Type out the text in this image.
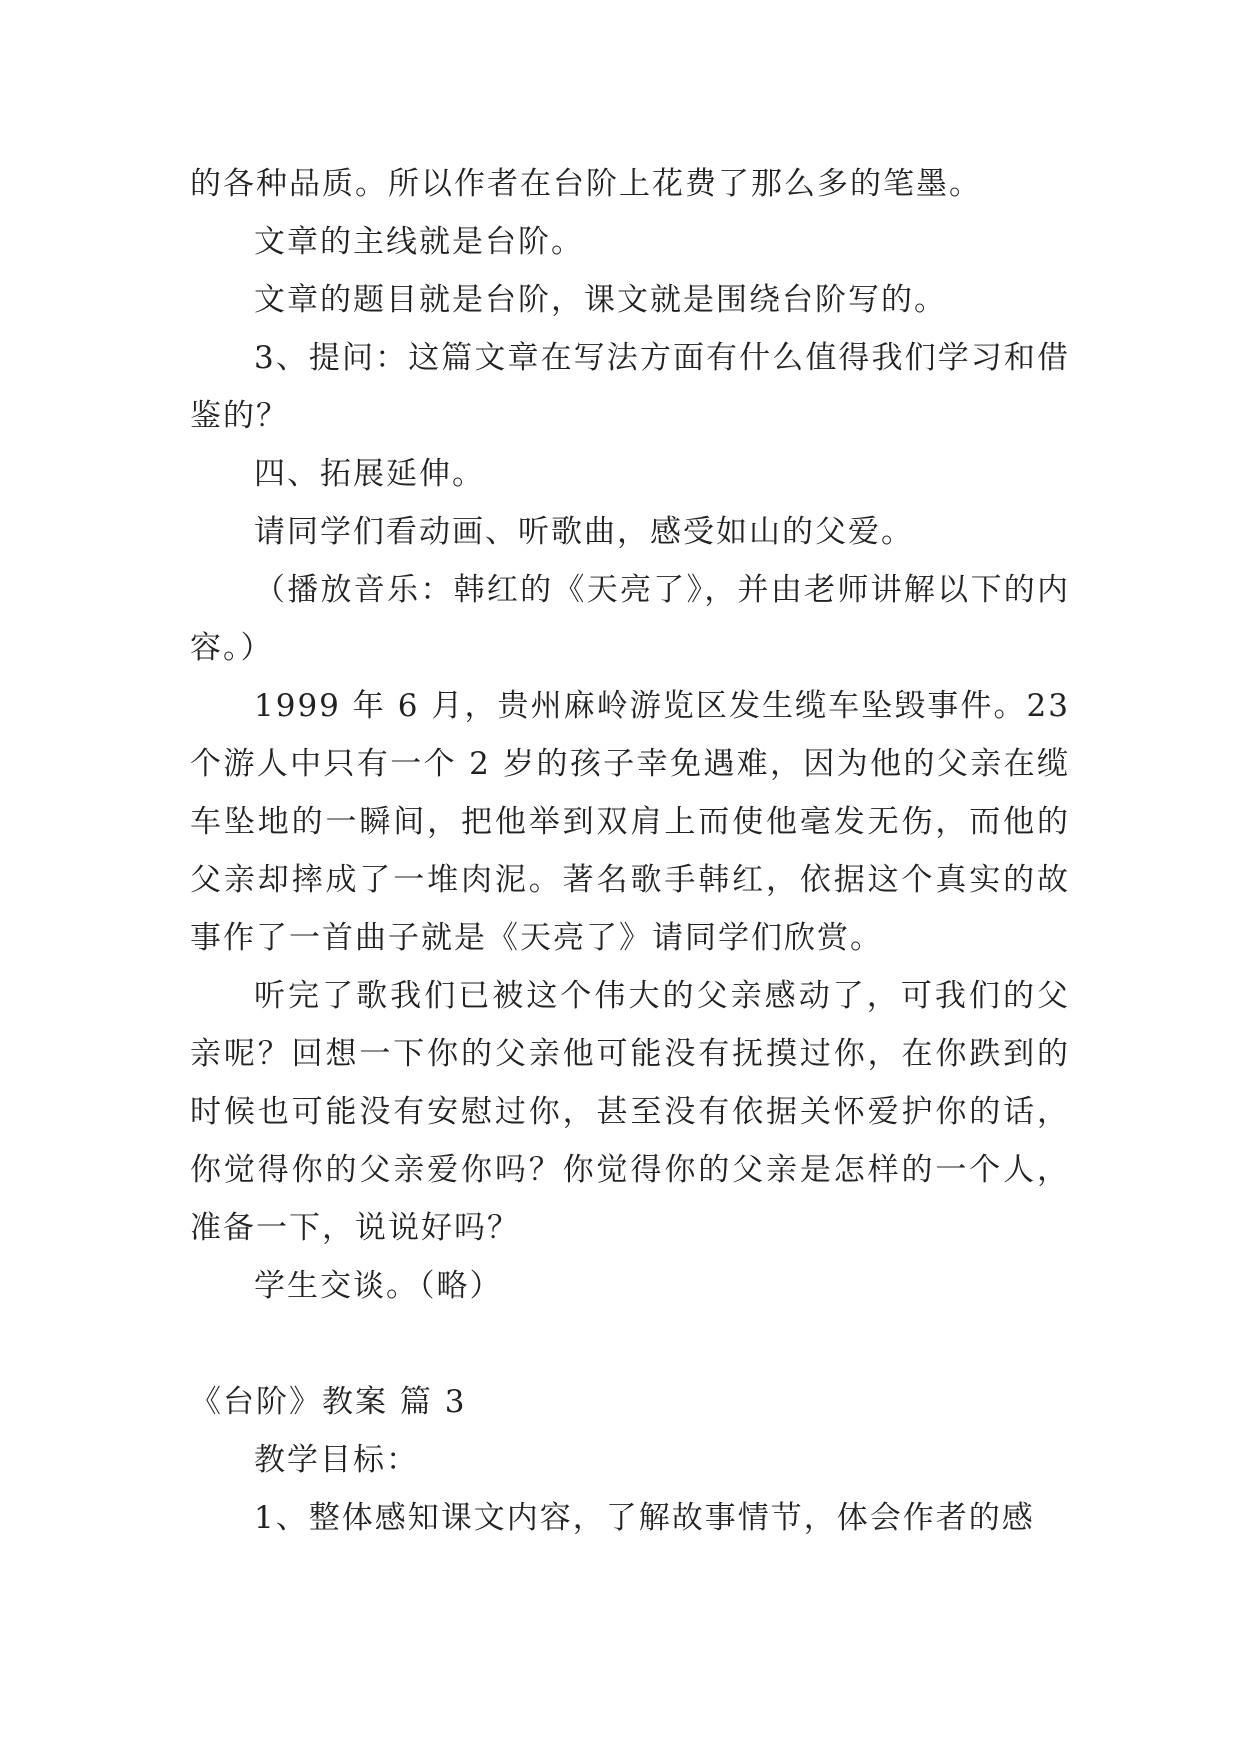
的各种品质。所以作者在台阶上花费了那么多的笔墨。

文章的主线就是台阶。

文章的题目就是台阶，课文就是围绕台阶写的。

3、提问：这篇文章在写法方面有什么值得我们学习和借鉴的？

四、拓展延伸。

请同学们看动画、听歌曲，感受如山的父爱。

（播放音乐：韩红的《天亮了》，并由老师讲解以下的内容。）

1999 年 6 月，贵州麻岭游览区发生缆车坠毁事件。23 个游人中只有一个 2 岁的孩子幸免遇难，因为他的父亲在缆车坠地的一瞬间，把他举到双肩上而使他毫发无伤，而他的父亲却摔成了一堆肉泥。著名歌手韩红，依据这个真实的故事作了一首曲子就是《天亮了》请同学们欣赏。

听完了歌我们已被这个伟大的父亲感动了，可我们的父亲呢？回想一下你的父亲他可能没有抚摸过你，在你跌到的时候也可能没有安慰过你，甚至没有依据关怀爱护你的话，你觉得你的父亲爱你吗？你觉得你的父亲是怎样的一个人，准备一下，说说好吗？

学生交谈。（略）

《台阶》教案 篇 3

教学目标：

1、整体感知课文内容，了解故事情节，体会作者的感
